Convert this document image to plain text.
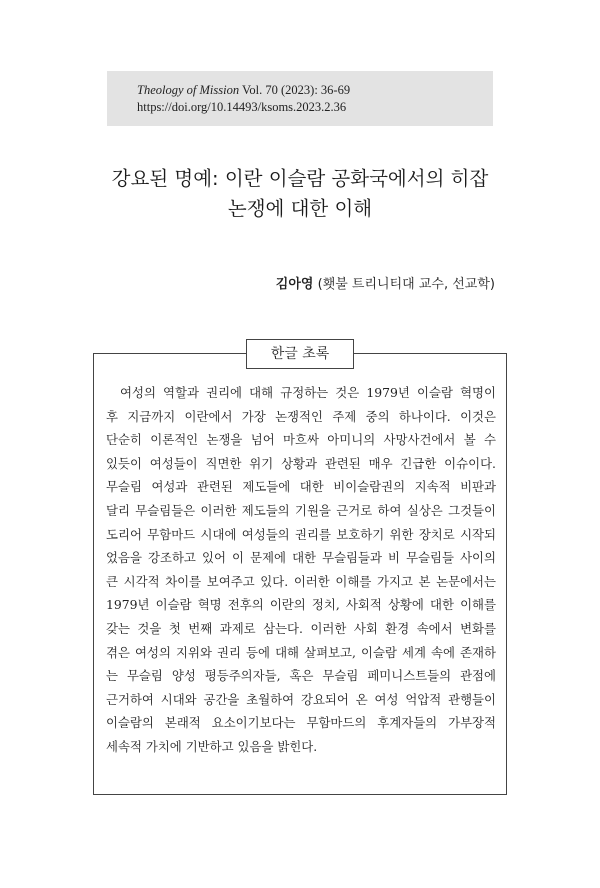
Theology of Mission Vol. 70 (2023): 36-69
https://doi.org/10.14493/ksoms.2023.2.36
강요된 명예: 이란 이슬람 공화국에서의 히잡
논쟁에 대한 이해
김아영 (횃불 트리니티대 교수, 선교학)
한글 초록
여성의 역할과 권리에 대해 규정하는 것은 1979년 이슬람 혁명이
후 지금까지 이란에서 가장 논쟁적인 주제 중의 하나이다. 이것은
단순히 이론적인 논쟁을 넘어 마흐싸 아미니의 사망사건에서 볼 수
있듯이 여성들이 직면한 위기 상황과 관련된 매우 긴급한 이슈이다.
무슬림 여성과 관련된 제도들에 대한 비이슬람권의 지속적 비판과
달리 무슬림들은 이러한 제도들의 기원을 근거로 하여 실상은 그것들이
도리어 무함마드 시대에 여성들의 권리를 보호하기 위한 장치로 시작되
었음을 강조하고 있어 이 문제에 대한 무슬림들과 비 무슬림들 사이의
큰 시각적 차이를 보여주고 있다. 이러한 이해를 가지고 본 논문에서는
1979년 이슬람 혁명 전후의 이란의 정치, 사회적 상황에 대한 이해를
갖는 것을 첫 번째 과제로 삼는다. 이러한 사회 환경 속에서 변화를
겪은 여성의 지위와 권리 등에 대해 살펴보고, 이슬람 세계 속에 존재하
는 무슬림 양성 평등주의자들, 혹은 무슬림 페미니스트들의 관점에
근거하여 시대와 공간을 초월하여 강요되어 온 여성 억압적 관행들이
이슬람의 본래적 요소이기보다는 무함마드의 후계자들의 가부장적
세속적 가치에 기반하고 있음을 밝힌다.
